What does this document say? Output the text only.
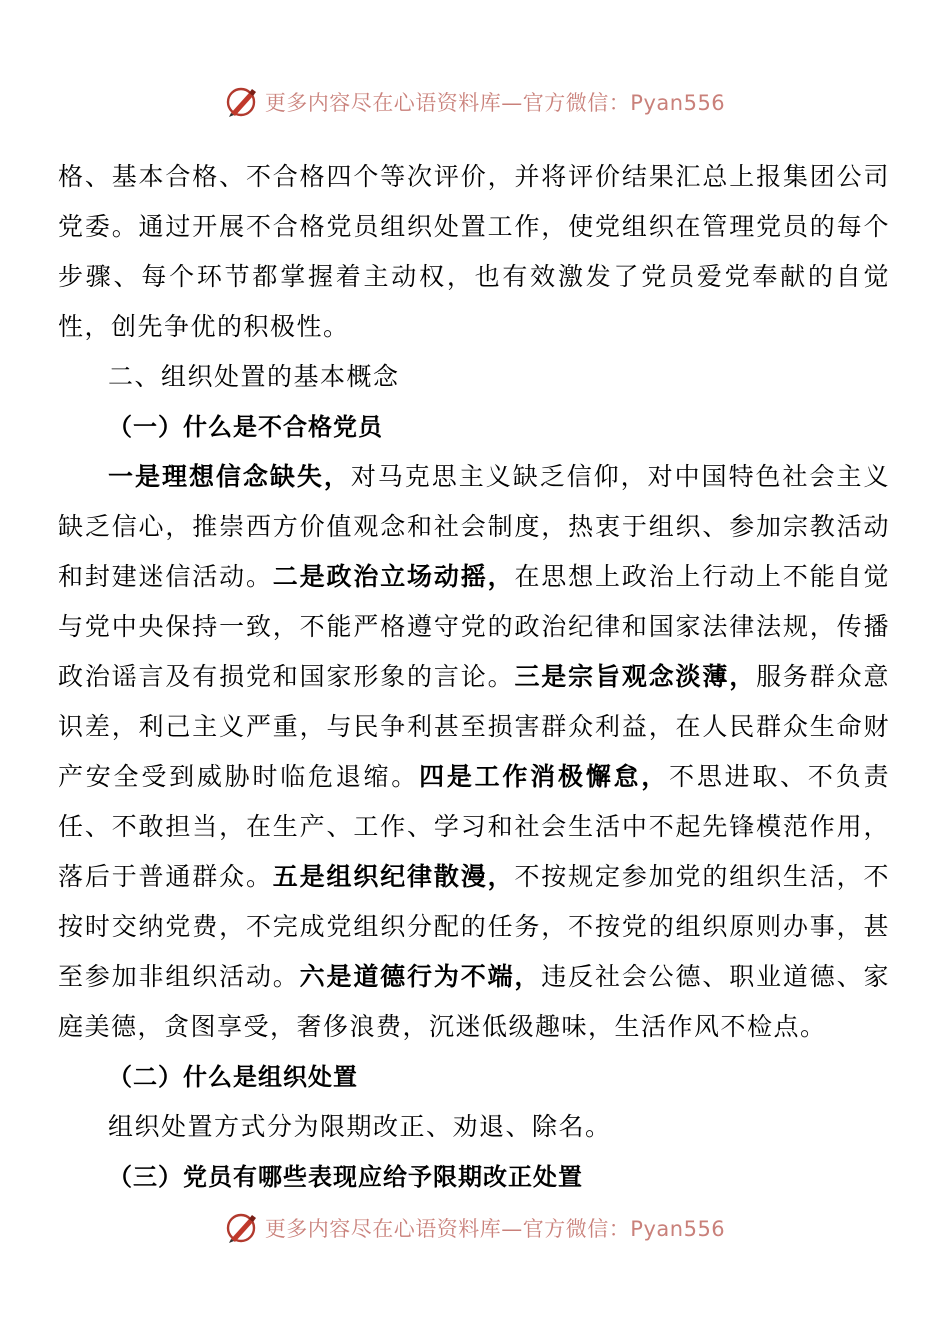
更多内容尽在心语资料库—官方微信：Pyan556

格、基本合格、不合格四个等次评价，并将评价结果汇总上报集团公司党委。通过开展不合格党员组织处置工作，使党组织在管理党员的每个步骤、每个环节都掌握着主动权，也有效激发了党员爱党奉献的自觉性，创先争优的积极性。

二、组织处置的基本概念

（一）什么是不合格党员

一是理想信念缺失，对马克思主义缺乏信仰，对中国特色社会主义缺乏信心，推崇西方价值观念和社会制度，热衷于组织、参加宗教活动和封建迷信活动。二是政治立场动摇，在思想上政治上行动上不能自觉与党中央保持一致，不能严格遵守党的政治纪律和国家法律法规，传播政治谣言及有损党和国家形象的言论。三是宗旨观念淡薄，服务群众意识差，利己主义严重，与民争利甚至损害群众利益，在人民群众生命财产安全受到威胁时临危退缩。四是工作消极懈怠，不思进取、不负责任、不敢担当，在生产、工作、学习和社会生活中不起先锋模范作用，落后于普通群众。五是组织纪律散漫，不按规定参加党的组织生活，不按时交纳党费，不完成党组织分配的任务，不按党的组织原则办事，甚至参加非组织活动。六是道德行为不端，违反社会公德、职业道德、家庭美德，贪图享受，奢侈浪费，沉迷低级趣味，生活作风不检点。

（二）什么是组织处置

组织处置方式分为限期改正、劝退、除名。

（三）党员有哪些表现应给予限期改正处置

更多内容尽在心语资料库—官方微信：Pyan556
